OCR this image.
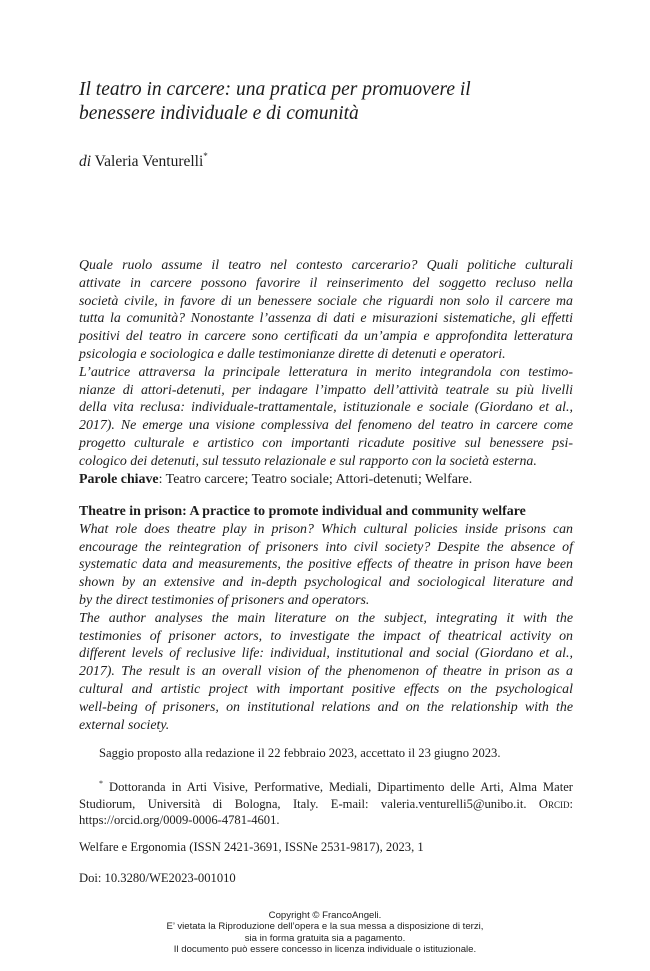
Il teatro in carcere: una pratica per promuovere il
benessere individuale e di comunità
di Valeria Venturelli*
Quale ruolo assume il teatro nel contesto carcerario? Quali politiche culturali
attivate in carcere possono favorire il reinserimento del soggetto recluso nella
società civile, in favore di un benessere sociale che riguardi non solo il carcere ma
tutta la comunità? Nonostante l’assenza di dati e misurazioni sistematiche, gli effetti
positivi del teatro in carcere sono certificati da un’ampia e approfondita letteratura
psicologia e sociologica e dalle testimonianze dirette di detenuti e operatori.
L’autrice attraversa la principale letteratura in merito integrandola con testimo-
nianze di attori-detenuti, per indagare l’impatto dell’attività teatrale su più livelli
della vita reclusa: individuale-trattamentale, istituzionale e sociale (Giordano et al.,
2017). Ne emerge una visione complessiva del fenomeno del teatro in carcere come
progetto culturale e artistico con importanti ricadute positive sul benessere psi-
cologico dei detenuti, sul tessuto relazionale e sul rapporto con la società esterna.
Parole chiave: Teatro carcere; Teatro sociale; Attori-detenuti; Welfare.
Theatre in prison: A practice to promote individual and community welfare
What role does theatre play in prison? Which cultural policies inside prisons can
encourage the reintegration of prisoners into civil society? Despite the absence of
systematic data and measurements, the positive effects of theatre in prison have been
shown by an extensive and in-depth psychological and sociological literature and
by the direct testimonies of prisoners and operators.
The author analyses the main literature on the subject, integrating it with the
testimonies of prisoner actors, to investigate the impact of theatrical activity on
different levels of reclusive life: individual, institutional and social (Giordano et al.,
2017). The result is an overall vision of the phenomenon of theatre in prison as a
cultural and artistic project with important positive effects on the psychological
well-being of prisoners, on institutional relations and on the relationship with the
external society.
Saggio proposto alla redazione il 22 febbraio 2023, accettato il 23 giugno 2023.
* Dottoranda in Arti Visive, Performative, Mediali, Dipartimento delle Arti, Alma Mater
Studiorum, Università di Bologna, Italy. E-mail: valeria.venturelli5@unibo.it. Orcid:
https://orcid.org/0009-0006-4781-4601.
Welfare e Ergonomia (ISSN 2421-3691, ISSNe 2531-9817), 2023, 1
Doi: 10.3280/WE2023-001010
Copyright © FrancoAngeli.
E’ vietata la Riproduzione dell’opera e la sua messa a disposizione di terzi,
sia in forma gratuita sia a pagamento.
Il documento può essere concesso in licenza individuale o istituzionale.
